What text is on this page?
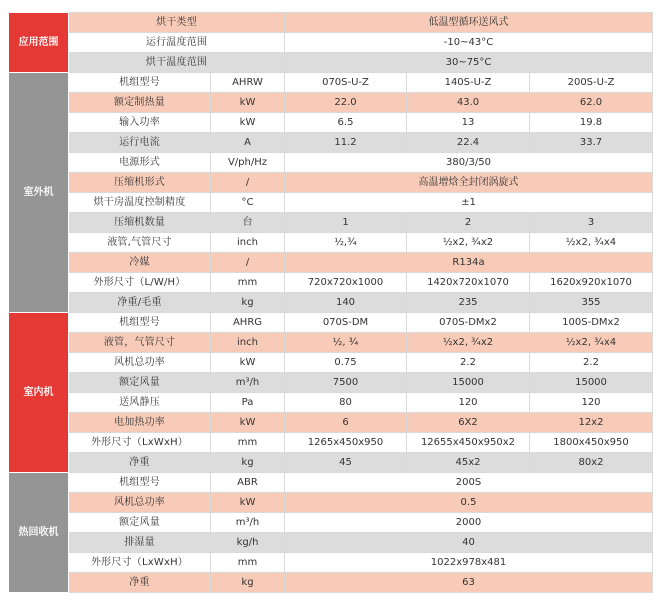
应用范围	烘干类型		低温型循环送风式		
	运行温度范围		-10~43°C		
	烘干温度范围		30~75°C		
室外机	机组型号	AHRW	070S-U-Z	140S-U-Z	200S-U-Z
	额定制热量	kW	22.0	43.0	62.0
	输入功率	kW	6.5	13	19.8
	运行电流	A	11.2	22.4	33.7
	电源形式	V/ph/Hz	380/3/50		
	压缩机形式	/	高温增焓全封闭涡旋式		
	烘干房温度控制精度	°C	±1		
	压缩机数量	台	1	2	3
	液管,气管尺寸	inch	½,¾	½x2, ¾x2	½x2, ¾x4
	冷媒	/	R134a		
	外形尺寸（L/W/H）	mm	720x720x1000	1420x720x1070	1620x920x1070
	净重/毛重	kg	140	235	355
室内机	机组型号	AHRG	070S-DM	070S-DMx2	100S-DMx2
	液管，气管尺寸	inch	½, ¾	½x2, ¾x2	½x2, ¾x4
	风机总功率	kW	0.75	2.2	2.2
	额定风量	m³/h	7500	15000	15000
	送风静压	Pa	80	120	120
	电加热功率	kW	6	6X2	12x2
	外形尺寸（LxWxH）	mm	1265x450x950	12655x450x950x2	1800x450x950
	净重	kg	45	45x2	80x2
热回收机	机组型号	ABR	200S		
	风机总功率	kW	0.5		
	额定风量	m³/h	2000		
	排湿量	kg/h	40		
	外形尺寸（LxWxH）	mm	1022x978x481		
	净重	kg	63		
